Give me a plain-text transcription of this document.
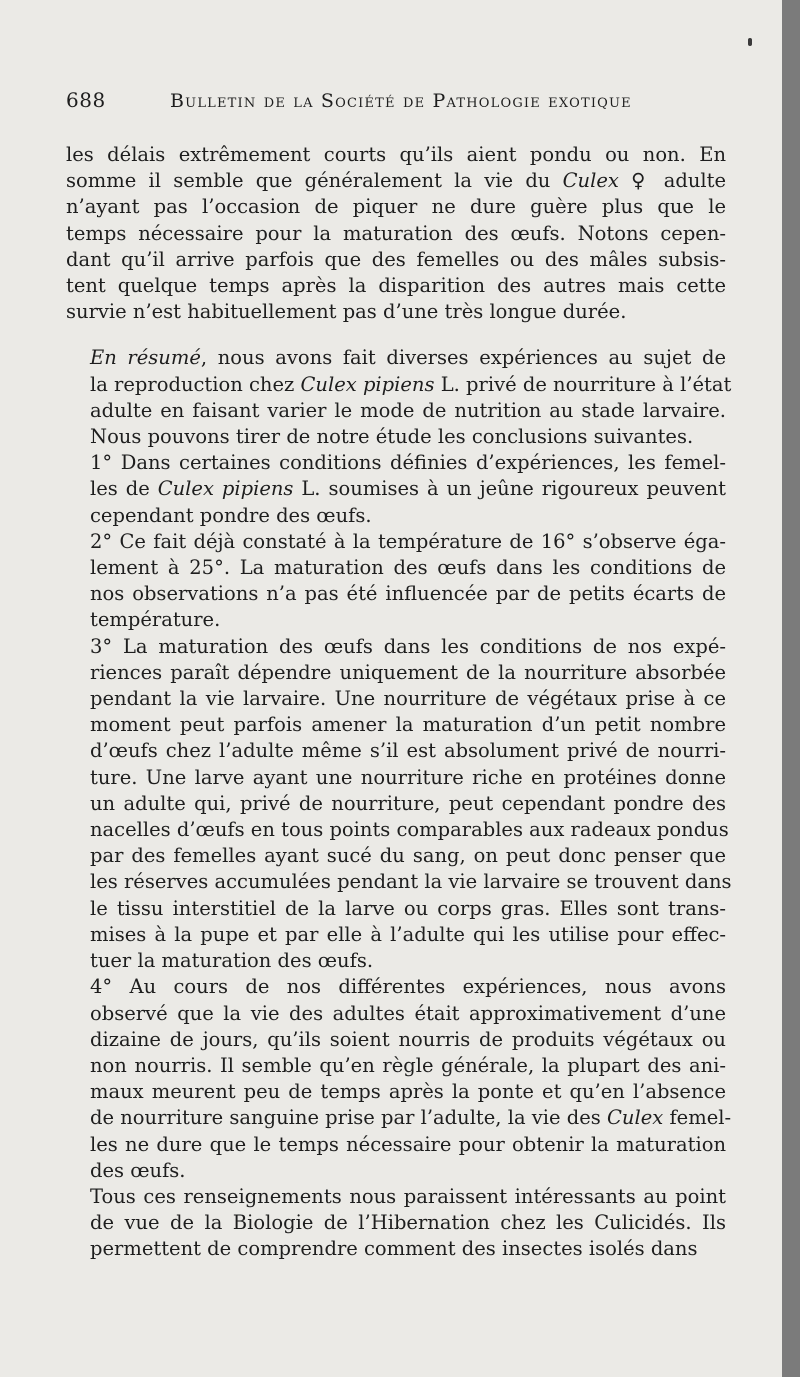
688	Bulletin de la Société de Pathologie exotique

les délais extrêmement courts qu’ils aient pondu ou non. En
somme il semble que généralement la vie du Culex ♀ adulte
n’ayant pas l’occasion de piquer ne dure guère plus que le
temps nécessaire pour la maturation des œufs. Notons cepen-
dant qu’il arrive parfois que des femelles ou des mâles subsis-
tent quelque temps après la disparition des autres mais cette
survie n’est habituellement pas d’une très longue durée.

En résumé, nous avons fait diverses expériences au sujet de
la reproduction chez Culex pipiens L. privé de nourriture à l’état
adulte en faisant varier le mode de nutrition au stade larvaire.
Nous pouvons tirer de notre étude les conclusions suivantes.

1° Dans certaines conditions définies d’expériences, les femel-
les de Culex pipiens L. soumises à un jeûne rigoureux peuvent
cependant pondre des œufs.

2° Ce fait déjà constaté à la température de 16° s’observe éga-
lement à 25°. La maturation des œufs dans les conditions de
nos observations n’a pas été influencée par de petits écarts de
température.

3° La maturation des œufs dans les conditions de nos expé-
riences paraît dépendre uniquement de la nourriture absorbée
pendant la vie larvaire. Une nourriture de végétaux prise à ce
moment peut parfois amener la maturation d’un petit nombre
d’œufs chez l’adulte même s’il est absolument privé de nourri-
ture. Une larve ayant une nourriture riche en protéines donne
un adulte qui, privé de nourriture, peut cependant pondre des
nacelles d’œufs en tous points comparables aux radeaux pondus
par des femelles ayant sucé du sang, on peut donc penser que
les réserves accumulées pendant la vie larvaire se trouvent dans
le tissu interstitiel de la larve ou corps gras. Elles sont trans-
mises à la pupe et par elle à l’adulte qui les utilise pour effec-
tuer la maturation des œufs.

4° Au cours de nos différentes expériences, nous avons
observé que la vie des adultes était approximativement d’une
dizaine de jours, qu’ils soient nourris de produits végétaux ou
non nourris. Il semble qu’en règle générale, la plupart des ani-
maux meurent peu de temps après la ponte et qu’en l’absence
de nourriture sanguine prise par l’adulte, la vie des Culex femel-
les ne dure que le temps nécessaire pour obtenir la maturation
des œufs.

Tous ces renseignements nous paraissent intéressants au point
de vue de la Biologie de l’Hibernation chez les Culicidés. Ils
permettent de comprendre comment des insectes isolés dans
